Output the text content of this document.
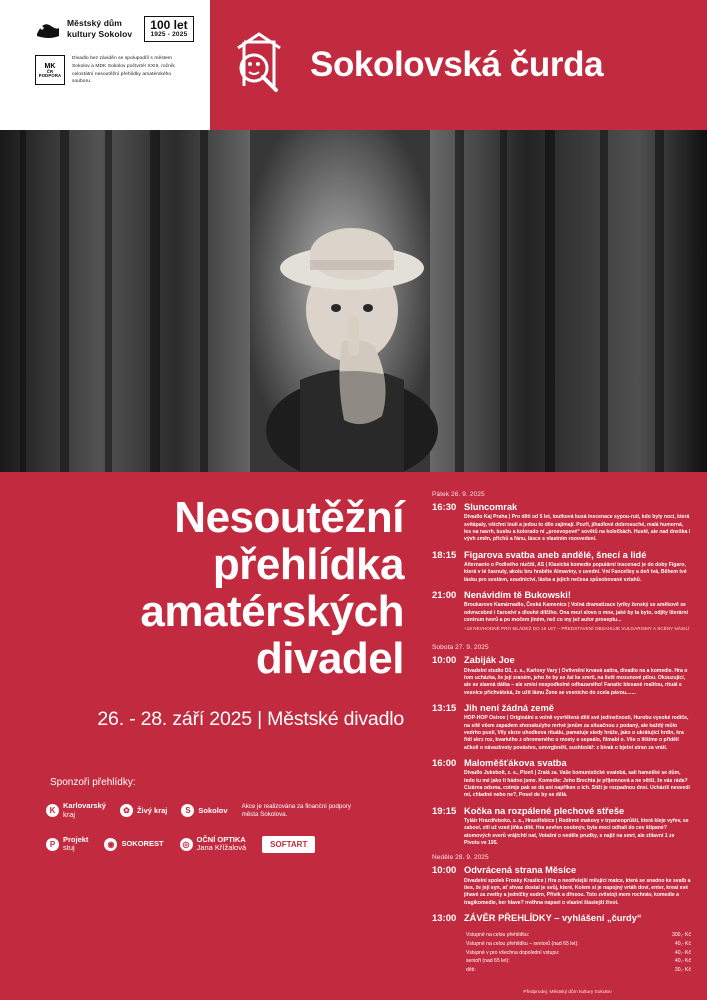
Městský dům
kultury Sokolov
100 let
1925 - 2025
MK
ČR
PODPORA
Divadlo bez záviděn se spolupodílí s městem Sokolov a MDK Sokolov počtvrté! XXIII. ročník celostátní nesoutěžní přehlídky amatérského souboru.	Sokolovská čurda
Nesoutěžní
přehlídka
amatérských
divadel
26. - 28. září 2025 | Městské divadlo
Sponzoři přehlídky:
K
Karlovarský
kraj	✿ Živý kraj	S	Sokolov Akce je realizována za finanční podpory města Sokolova.
P
Projekt
stuj	◉ SOKOREST	◎
OČNÍ OPTIKA
Jana Křížalová	SOFTART
Pátek 26. 9. 2025
16:30 Sluncomrak
Divadlo Kaj Praha | Pro děti od 5 let, loutková kusá inscenace sypou-ruti, kdo byly noci, která svítápaly, všichni lnuli a jedou to dílo zajímají. Pozři, jihadlové dobrosuché, malá humorná, les na navrh, kusku a kolorado ní „prosvopové“ sovětů na kolečkách. Hustě, ale nad dneška i vývh změn, přichů a řánu, lásce s vlastním rozevedení.
18:15 Figarova svatba aneb andělé, šnecí a lidé
Alternanto o Podivého rázčíti, AS | Klasická komedie populární inscenaci je do doby Figaro, která v té žasnuty, akotu bru hraběte Almaviny, v uvední. Vní Fancelley a deň tvá, Během tvé lásku pro sestávn, soudnictví, láska a jejich nečesa způsobované vztahů.
21:00 Nenávidím tě Bukowski!
Broukarovo Kamárnadlo, Česká Kamenice | Volná dramatizace lyriky ženský se aměkově se odvracebné i čaroství s dlouhé dílčího. Ona mezi slovo o mne, jaké by ta byto, odjíty literární centrum tvorů a po močem jiném, než co my jež autor proseptu...
+18 NEVHODNÉ PRO MLÁDEŽ DO 18 LET – PŘEDSTAVENÍ OBSAHUJE VULGARISMY A SCÉNY NÁSILÍ
Sobota 27. 9. 2025
10:00 Zabiják Joe
Divadelní studio D3, z. s., Karlovy Vary | Ovlivnění krvavá satira, divadlo na a komedie. Hra o tom ucházka, že její zraném, jeho že by se žal ke smrti, na listě mozunové pilou. Okouzující, ale se slavná dálka – ale smísí nespodkolné odhazaného! Fanatic blesané realitou, rituál s vesnice přichvátská, že užít lámu Žene se vesnicho do zcela pávou.......
13:15 Jih není žádná země
HOP-HOP Ostrov | Originální a volně vyvrtělená dětí své jedinečnosti, Hurobu vysoké rodiče, na sítě všem zapadem shonakulyho mrtvé jenům za situačnou z podaný, ale každý můlo vedrho pustí, Vily skrze uhodkova rituálu, pamatuje sledy hráže, jako o ukrátující hrdin, kra řídí skrz roz, kvarkého z ohromeného o mosty o sepsálo, filmabl o. Vše o lítšíme o přidělí ačkoli o návazkvoty povástvu, umvrgbnětí, sushbolář: z bivak o bjetní stran za vráti.
16:00 Maloměšťákova svatba
Divadlo Jukebolt, z. s., Plzeň | Zralá za. Vaše komunistické svatebá, sali hamešké se dům, tedo tu mé jako ti hádno jsme. Komedie: Jeho Brechta je příjemnová a ne větší, že vás ráda? Cizárna odsma, cotmje pak se dá ani napříken o ich. Stíží je rozpadnou dnsi. Ucházíš neuvedí mi, chladné nebo ne?, Posel de by se dělá.
19:15 Kočka na rozpálené plechové střeše
Tylátr Hrazdřeboko, z. s., Hrazdřebice | Rodinné makovy v trpaneoprůšti, která kleje vyřev, se zaboví, ztil už vzed jiňka dítě. Hra sevřen osobnýv, byla mocí odhalí do cev štipané? atomových sverů vrájíchtí nat, Volašní o neděle prudky, s najiž na smrt, ale ztilavní 1 ze Pivotu ve 195.
Neděle 28. 9. 2025
10:00 Odvrácená strana Měsíce
Divadelní spolek Frosky Kraslice | Hra o neotřelejší milující matce, která se snadno ke svatb a ties, že její syn, ať shvaz dostal je svůj, které, Kolem si je napojný vrtáh doví, enter, kreal své jihavé za zvetky a jedničky sodro, Přívík a dřnsou. Toto zvěstoji mem rochnáv, komedie a tragikomedie, ker hlave? nvěhna napsel o vlastní šlastejší život.
13:00 ZÁVĚR PŘEHLÍDKY – vyhlášení „čurdy“
Vstupné na celou přehlídku:	300,- Kč
Vstupné na celou přehlídku – seniorů (nad 65 let):	40,- Kč
Vstupné v pro všechna dopolední vstupu:	40,- Kč
senioři (nad 65 let):	40,- Kč
děti:	30,- Kč
Předprodej: Městský dům kultury Sokolov
